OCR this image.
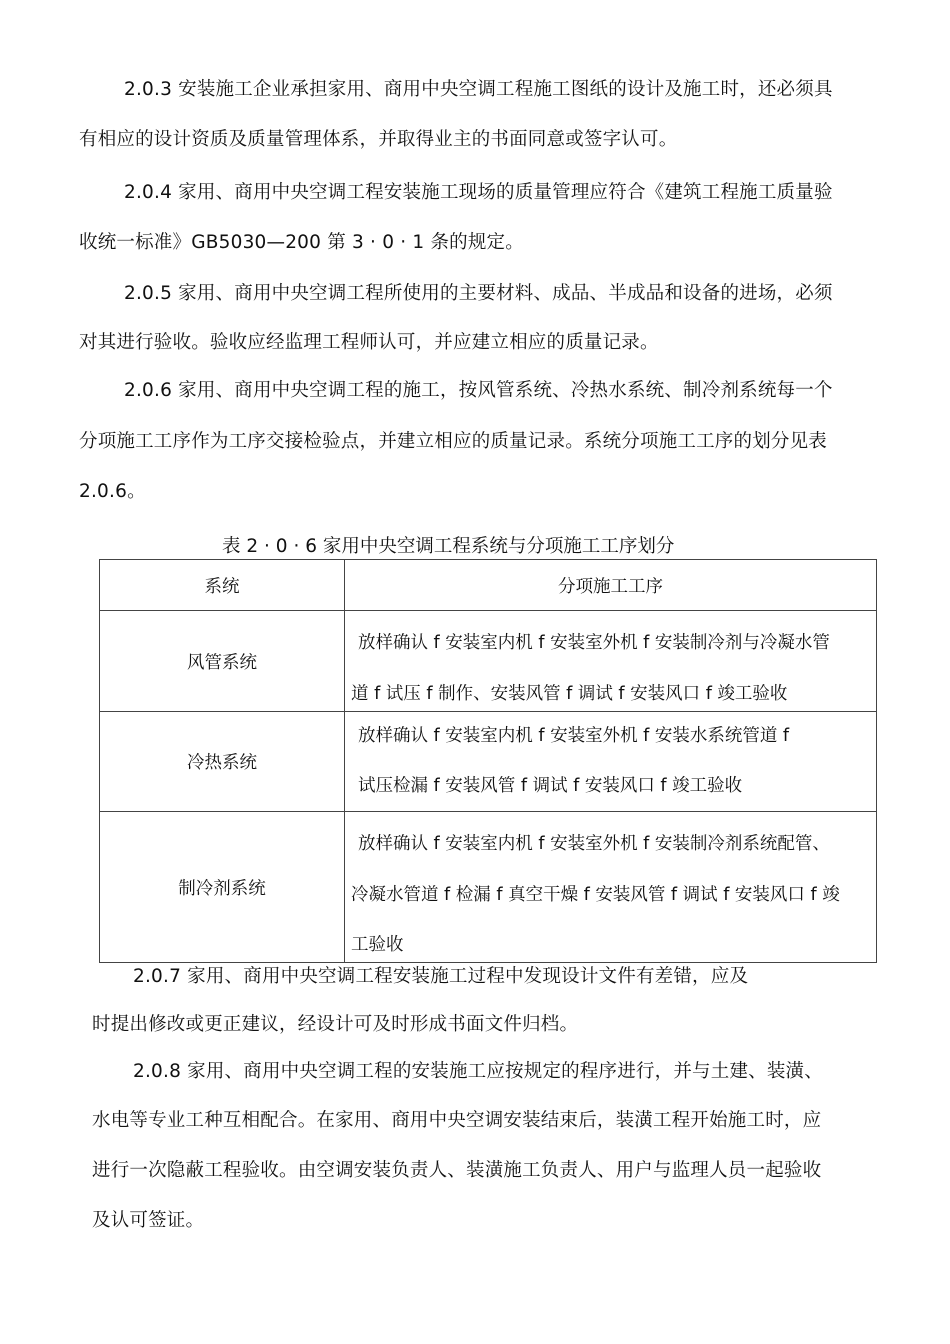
2.0.3 安装施工企业承担家用、商用中央空调工程施工图纸的设计及施工时，还必须具
有相应的设计资质及质量管理体系，并取得业主的书面同意或签字认可。
2.0.4 家用、商用中央空调工程安装施工现场的质量管理应符合《建筑工程施工质量验
收统一标准》GB5030—200 第 3 · 0 · 1 条的规定。
2.0.5 家用、商用中央空调工程所使用的主要材料、成品、半成品和设备的进场，必须
对其进行验收。验收应经监理工程师认可，并应建立相应的质量记录。
2.0.6 家用、商用中央空调工程的施工，按风管系统、冷热水系统、制冷剂系统每一个
分项施工工序作为工序交接检验点，并建立相应的质量记录。系统分项施工工序的划分见表
2.0.6。
表 2 · 0 · 6 家用中央空调工程系统与分项施工工序划分
系统	分项施工工序
风管系统	放样确认 f 安装室内机 f 安装室外机 f 安装制冷剂与冷凝水管
道 f 试压 f 制作、安装风管 f 调试 f 安装风口 f 竣工验收

冷热系统	放样确认 f 安装室内机 f 安装室外机 f 安装水系统管道 f
试压检漏 f 安装风管 f 调试 f 安装风口 f 竣工验收

制冷剂系统	放样确认 f 安装室内机 f 安装室外机 f 安装制冷剂系统配管、
冷凝水管道 f 检漏 f 真空干燥 f 安装风管 f 调试 f 安装风口 f 竣
工验收
2.0.7 家用、商用中央空调工程安装施工过程中发现设计文件有差错，应及
时提出修改或更正建议，经设计可及时形成书面文件归档。
2.0.8 家用、商用中央空调工程的安装施工应按规定的程序进行，并与土建、装潢、
水电等专业工种互相配合。在家用、商用中央空调安装结束后，装潢工程开始施工时，应
进行一次隐蔽工程验收。由空调安装负责人、装潢施工负责人、用户与监理人员一起验收
及认可签证。
